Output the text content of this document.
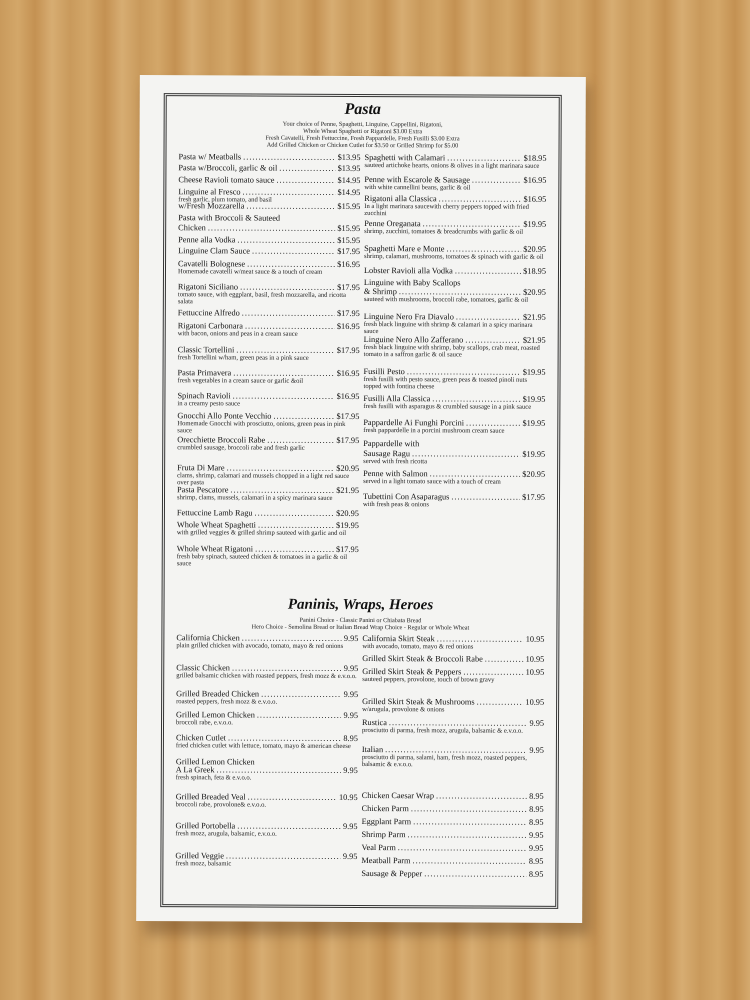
Pasta
Your choice of Penne, Spaghetti, Linguine, Cappellini, Rigatoni,
Whole Wheat Spaghetti or Rigatoni $3.00 Extra
Fresh Cavatelli, Fresh Fettuccine, Fresh Pappardelle, Fresh Fusilli $3.00 Extra
Add Grilled Chicken or Chicken Cutlet for $3.50 or Grilled Shrimp for $5.00
Pasta w/ Meatballs .....	$13.95
Pasta w/Broccoli, garlic & oil .....	$13.95
Cheese Ravioli tomato sauce .....	$14.95
Linguine al Fresco .....	$14.95
fresh garlic, plum tomato, and basil
w/Fresh Mozzarella .....	$15.95
Pasta with Broccoli & Sauteed
Chicken .....	$15.95
Penne alla Vodka .....	$15.95
Linguine Clam Sauce .....	$17.95
Cavatelli Bolognese .....	$16.95
Homemade cavatelli w/meat sauce & a touch of cream
Rigatoni Siciliano .....	$17.95
tomato sauce, with eggplant, basil, fresh mozzarella, and ricotta salata
Fettuccine Alfredo .....	$17.95
Rigatoni Carbonara .....	$16.95
with bacon, onions and peas in a cream sauce
Classic Tortellini .....	$17.95
fresh Tortellini w/ham, green peas in a pink sauce
Pasta Primavera .....	$16.95
fresh vegetables in a cream sauce or garlic &oil
Spinach Ravioli .....	$16.95
in a creamy pesto sauce
Gnocchi Allo Ponte Vecchio .....	$17.95
Homemade Gnocchi with prosciutto, onions, green peas in pink sauce
Orecchiette Broccoli Rabe .....	$17.95
crumbled sausage, broccoli rabe and fresh garlic
Fruta Di Mare .....	$20.95
clams, shrimp, calamari and mussels chopped in a light red sauce over pasta
Pasta Pescatore .....	$21.95
shrimp, clams, mussels, calamari in a spicy marinara sauce
Fettuccine Lamb Ragu .....	$20.95
Whole Wheat Spaghetti .....	$19.95
with grilled veggies & grilled shrimp sauteed with garlic and oil
Whole Wheat Rigatoni .....	$17.95
fresh baby spinach, sauteed chicken & tomatoes in a garlic & oil sauce
Spaghetti with Calamari .....	$18.95
sauteed artichoke hearts, onions & olives in a light marinara sauce
Penne with Escarole & Sausage .....	$16.95
with white cannellini beans, garlic & oil
Rigatoni alla Classica .....	$16.95
In a light marinara saucewith cherry peppers topped with fried zucchini
Penne Oreganata .....	$19.95
shrimp, zucchini, tomatoes & breadcrumbs with garlic & oil
Spaghetti Mare e Monte .....	$20.95
shrimp, calamari, mushrooms, tomatoes & spinach with garlic & oil
Lobster Ravioli alla Vodka .....	$18.95
Linguine with Baby Scallops
& Shrimp .....	$20.95
sauteed with mushrooms, broccoli rabe, tomatoes, garlic & oil
Linguine Nero Fra Diavalo .....	$21.95
fresh black linguine with shrimp & calamari in a spicy marinara sauce
Linguine Nero Allo Zafferano .....	$21.95
fresh black linguine with shrimp, baby scallops, crab meat, roasted tomato in a saffron garlic & oil sauce
Fusilli Pesto .....	$19.95
fresh fusilli with pesto sauce, green peas & toasted pinoli nuts topped with fontina cheese
Fusilli Alla Classica .....	$19.95
fresh fusilli with asparagus & crumbled sausage in a pink sauce
Pappardelle Ai Funghi Porcini .....	$19.95
fresh pappardelle in a porcini mushroom cream sauce
Pappardelle with
Sausage Ragu .....	$19.95
served with fresh ricotta
Penne with Salmon .....	$20.95
served in a light tomato sauce with a touch of cream
Tubettini Con Asaparagus .....	$17.95
with fresh peas & onions
Paninis, Wraps, Heroes
Panini Choice - Classic Panini or Chiabata Bread
Hero Choice - Semolina Bread or Italian Bread Wrap Choice - Regular or Whole Wheat
California Chicken .....	9.95
plain grilled chicken with avocado, tomato, mayo & red onions
Classic Chicken .....	9.95
grilled balsamic chicken with roasted peppers, fresh mozz & e.v.o.o.
Grilled Breaded Chicken .....	9.95
roasted peppers, fresh mozz & e.v.o.o.
Grilled Lemon Chicken .....	9.95
broccoli rabe, e.v.o.o.
Chicken Cutlet .....	8.95
fried chicken cutlet with lettuce, tomato, mayo & american cheese
Grilled Lemon Chicken
A La Greek .....	9.95
fresh spinach, feta & e.v.o.o.
Grilled Breaded Veal .....	10.95
broccoli rabe, provolone& e.v.o.o.
Grilled Portobella .....	9.95
fresh mozz, arugula, balsamic, e.v.o.o.
Grilled Veggie .....	9.95
fresh mozz, balsamic
California Skirt Steak .....	10.95
with avocado, tomato, mayo & red onions
Grilled Skirt Steak & Broccoli Rabe .....	10.95
Grilled Skirt Steak & Peppers .....	10.95
sauteed peppers, provolone, touch of brown gravy
Grilled Skirt Steak & Mushrooms .....	10.95
w/arugula, provolone & onions
Rustica .....	9.95
prosciutto di parma, fresh mozz, arugula, balsamic & e.v.o.o.
Italian .....	9.95
prosciutto di parma, salami, ham, fresh mozz, roasted peppers, balsamic & e.v.o.o.
Chicken Caesar Wrap .....	8.95
Chicken Parm .....	8.95
Eggplant Parm .....	8.95
Shrimp Parm .....	9.95
Veal Parm .....	9.95
Meatball Parm .....	8.95
Sausage & Pepper .....	8.95
